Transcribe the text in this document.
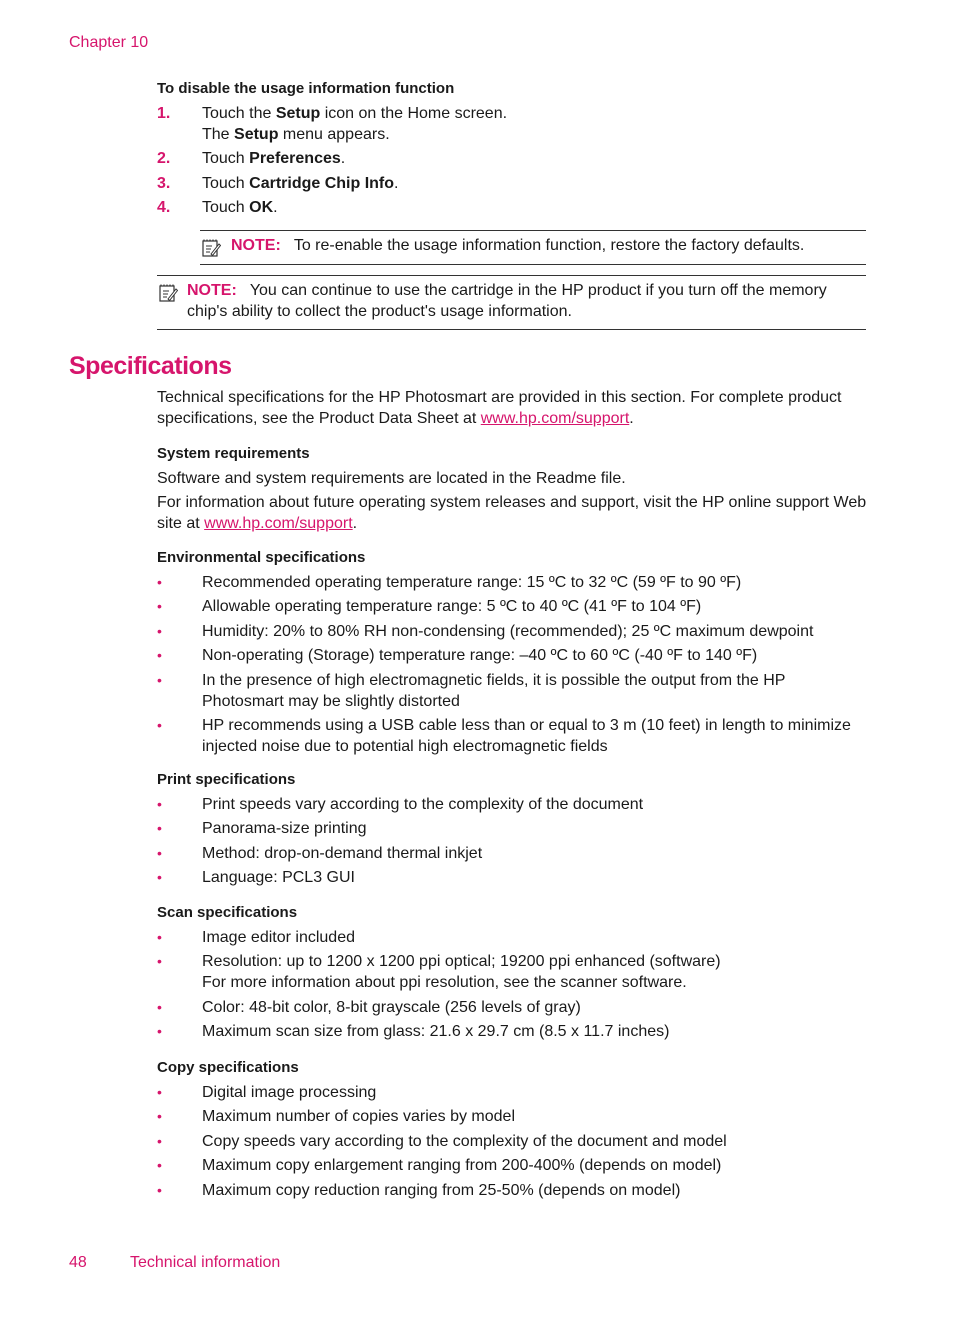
Chapter 10

To disable the usage information function

1. Touch the Setup icon on the Home screen.
The Setup menu appears.
2. Touch Preferences.
3. Touch Cartridge Chip Info.
4. Touch OK.
NOTE: To re-enable the usage information function, restore the factory defaults.
NOTE: You can continue to use the cartridge in the HP product if you turn off the memory chip's ability to collect the product's usage information.
Specifications

Technical specifications for the HP Photosmart are provided in this section. For complete product specifications, see the Product Data Sheet at www.hp.com/support.

System requirements

Software and system requirements are located in the Readme file.

For information about future operating system releases and support, visit the HP online support Web site at www.hp.com/support.

Environmental specifications

•	Recommended operating temperature range: 15 ºC to 32 ºC (59 ºF to 90 ºF)
•	Allowable operating temperature range: 5 ºC to 40 ºC (41 ºF to 104 ºF)
•	Humidity: 20% to 80% RH non-condensing (recommended); 25 ºC maximum dewpoint
•	Non-operating (Storage) temperature range: –40 ºC to 60 ºC (-40 ºF to 140 ºF)
•	In the presence of high electromagnetic fields, it is possible the output from the HP Photosmart may be slightly distorted
•	HP recommends using a USB cable less than or equal to 3 m (10 feet) in length to minimize injected noise due to potential high electromagnetic fields

Print specifications

•	Print speeds vary according to the complexity of the document
•	Panorama-size printing
•	Method: drop-on-demand thermal inkjet
•	Language: PCL3 GUI

Scan specifications

•	Image editor included
•	Resolution: up to 1200 x 1200 ppi optical; 19200 ppi enhanced (software)
For more information about ppi resolution, see the scanner software.
•	Color: 48-bit color, 8-bit grayscale (256 levels of gray)
•	Maximum scan size from glass: 21.6 x 29.7 cm (8.5 x 11.7 inches)

Copy specifications

•	Digital image processing
•	Maximum number of copies varies by model
•	Copy speeds vary according to the complexity of the document and model
•	Maximum copy enlargement ranging from 200-400% (depends on model)
•	Maximum copy reduction ranging from 25-50% (depends on model)
48	Technical information
